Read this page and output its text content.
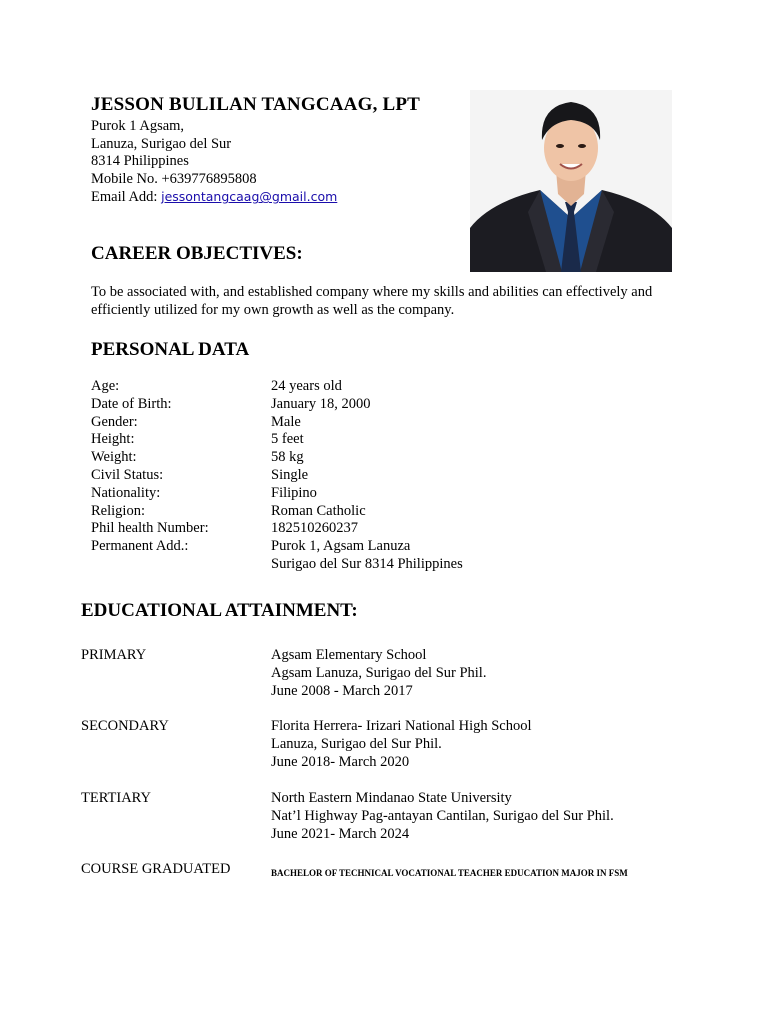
JESSON BULILAN TANGCAAG, LPT
Purok 1 Agsam,
Lanuza, Surigao del Sur
8314 Philippines
Mobile No. +639776895808
Email Add: jessontangcaag@gmail.com
CAREER OBJECTIVES:
To be associated with, and established company where my skills and abilities can effectively and efficiently utilized for my own growth as well as the company.
PERSONAL DATA
Age:	24 years old
Date of Birth:	January 18, 2000
Gender:	Male
Height:	5 feet
Weight:	58 kg
Civil Status:	Single
Nationality:	Filipino
Religion:	Roman Catholic
Phil health Number:	182510260237
Permanent Add.:	Purok 1, Agsam Lanuza
Surigao del Sur 8314 Philippines
EDUCATIONAL ATTAINMENT:
PRIMARY	Agsam Elementary School
Agsam Lanuza, Surigao del Sur Phil.
June 2008 - March 2017
SECONDARY	Florita Herrera- Irizari National High School
Lanuza, Surigao del Sur Phil.
June 2018- March 2020
TERTIARY	North Eastern Mindanao State University
Nat’l Highway Pag-antayan Cantilan, Surigao del Sur Phil.
June 2021- March 2024
COURSE GRADUATED	BACHELOR OF TECHNICAL VOCATIONAL TEACHER EDUCATION MAJOR IN FSM
